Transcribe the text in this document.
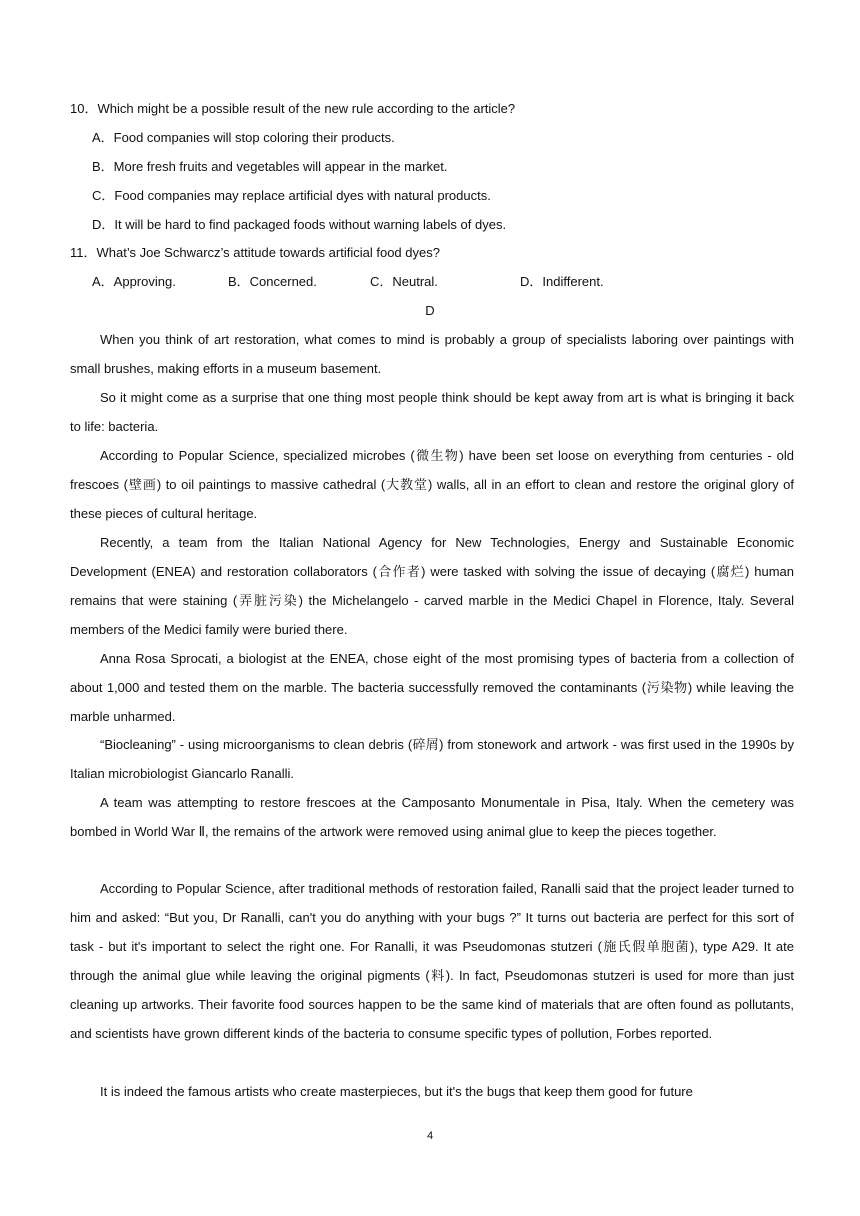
10．Which might be a possible result of the new rule according to the article?
A．Food companies will stop coloring their products.
B．More fresh fruits and vegetables will appear in the market.
C．Food companies may replace artificial dyes with natural products.
D．It will be hard to find packaged foods without warning labels of dyes.
11．What’s Joe Schwarcz’s attitude towards artificial food dyes?
A．Approving.	B．Concerned.	C．Neutral.	D．Indifferent.
D

When you think of art restoration, what comes to mind is probably a group of specialists laboring over paintings with small brushes, making efforts in a museum basement.

So it might come as a surprise that one thing most people think should be kept away from art is what is bringing it back to life: bacteria.

According to Popular Science, specialized microbes (微生物) have been set loose on everything from centuries - old frescoes (壁画) to oil paintings to massive cathedral (大教堂) walls, all in an effort to clean and restore the original glory of these pieces of cultural heritage.

Recently, a team from the Italian National Agency for New Technologies, Energy and Sustainable Economic Development (ENEA) and restoration collaborators (合作者) were tasked with solving the issue of decaying (腐烂) human remains that were staining (弄脏污染) the Michelangelo - carved marble in the Medici Chapel in Florence, Italy. Several members of the Medici family were buried there.

Anna Rosa Sprocati, a biologist at the ENEA, chose eight of the most promising types of bacteria from a collection of about 1,000 and tested them on the marble. The bacteria successfully removed the contaminants (污染物) while leaving the marble unharmed.

“Biocleaning” - using microorganisms to clean debris (碎屑) from stonework and artwork - was first used in the 1990s by Italian microbiologist Giancarlo Ranalli.

A team was attempting to restore frescoes at the Camposanto Monumentale in Pisa, Italy. When the cemetery was bombed in World War Ⅱ, the remains of the artwork were removed using animal glue to keep the pieces together.

According to Popular Science, after traditional methods of restoration failed, Ranalli said that the project leader turned to him and asked: “But you, Dr Ranalli, can't you do anything with your bugs ?” It turns out bacteria are perfect for this sort of task - but it's important to select the right one. For Ranalli, it was Pseudomonas stutzeri (施氏假单胞菌), type A29. It ate through the animal glue while leaving the original pigments (料). In fact, Pseudomonas stutzeri is used for more than just cleaning up artworks. Their favorite food sources happen to be the same kind of materials that are often found as pollutants, and scientists have grown different kinds of the bacteria to consume specific types of pollution, Forbes reported.

It is indeed the famous artists who create masterpieces, but it's the bugs that keep them good for future

4
